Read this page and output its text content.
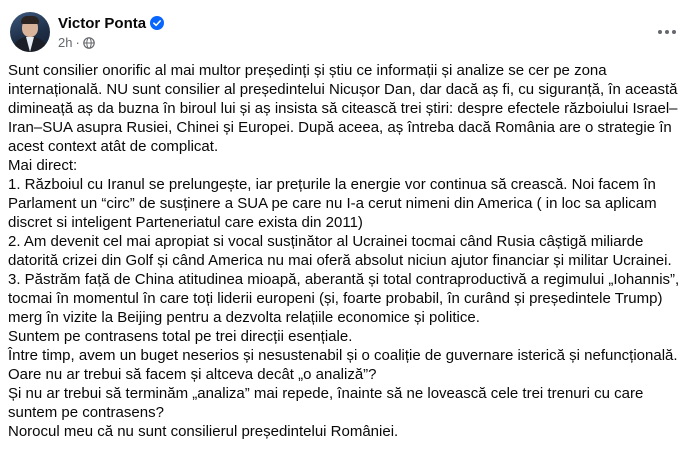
Victor Ponta
2h ·

Sunt consilier onorific al mai multor președinți și știu ce informații și analize se cer pe zona

internațională. NU sunt consilier al președintelui Nicușor Dan, dar dacă aș fi, cu siguranță, în această

dimineață aș da buzna în biroul lui și aș insista să citească trei știri: despre efectele războiului Israel–

Iran–SUA asupra Rusiei, Chinei și Europei. După aceea, aș întreba dacă România are o strategie în

acest context atât de complicat.

Mai direct:

1. Războiul cu Iranul se prelungește, iar prețurile la energie vor continua să crească. Noi facem în

Parlament un “circ” de susținere a SUA pe care nu I-a cerut nimeni din America ( in loc sa aplicam

discret si inteligent Parteneriatul care exista din 2011)

2. Am devenit cel mai apropiat si vocal susținător al Ucrainei tocmai când Rusia câștigă miliarde

datorită crizei din Golf și când America nu mai oferă absolut niciun ajutor financiar și militar Ucrainei.

3. Păstrăm față de China atitudinea mioapă, aberantă și total contraproductivă a regimului „Iohannis”,

tocmai în momentul în care toți liderii europeni (și, foarte probabil, în curând și președintele Trump)

merg în vizite la Beijing pentru a dezvolta relațiile economice și politice.

Suntem pe contrasens total pe trei direcții esențiale.

Între timp, avem un buget neserios și nesustenabil și o coaliție de guvernare isterică și nefuncțională.

Oare nu ar trebui să facem și altceva decât „o analiză”?

Și nu ar trebui să terminăm „analiza” mai repede, înainte să ne lovească cele trei trenuri cu care

suntem pe contrasens?

Norocul meu că nu sunt consilierul președintelui României.
